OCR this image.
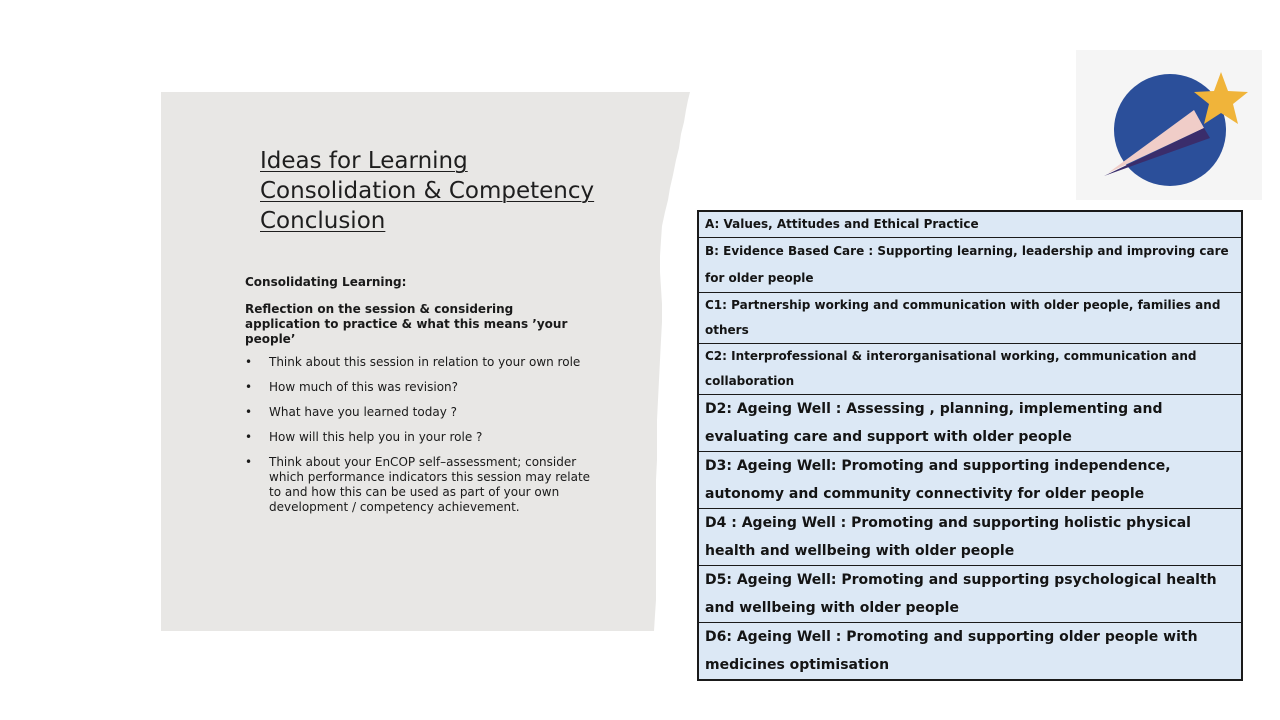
Ideas for Learning
Consolidation & Competency
Conclusion
Consolidating Learning:
Reflection on the session & considering application to practice & what this means ’your people’
• Think about this session in relation to your own role
• How much of this was revision?
• What have you learned today ?
• How will this help you in your role ?
• Think about your EnCOP self–assessment; consider which performance indicators this session may relate to and how this can be used as part of your own development / competency achievement.
A: Values, Attitudes and Ethical Practice
B: Evidence Based Care : Supporting learning, leadership and improving care for older people
C1: Partnership working and communication with older people, families and others
C2: Interprofessional & interorganisational working, communication and collaboration
D2: Ageing Well : Assessing , planning, implementing and evaluating care and support with older people
D3: Ageing Well: Promoting and supporting independence, autonomy and community connectivity for older people
D4 : Ageing Well : Promoting and supporting holistic physical health and wellbeing with older people
D5: Ageing Well: Promoting and supporting psychological health and wellbeing with older people
D6: Ageing Well : Promoting and supporting older people with medicines optimisation
